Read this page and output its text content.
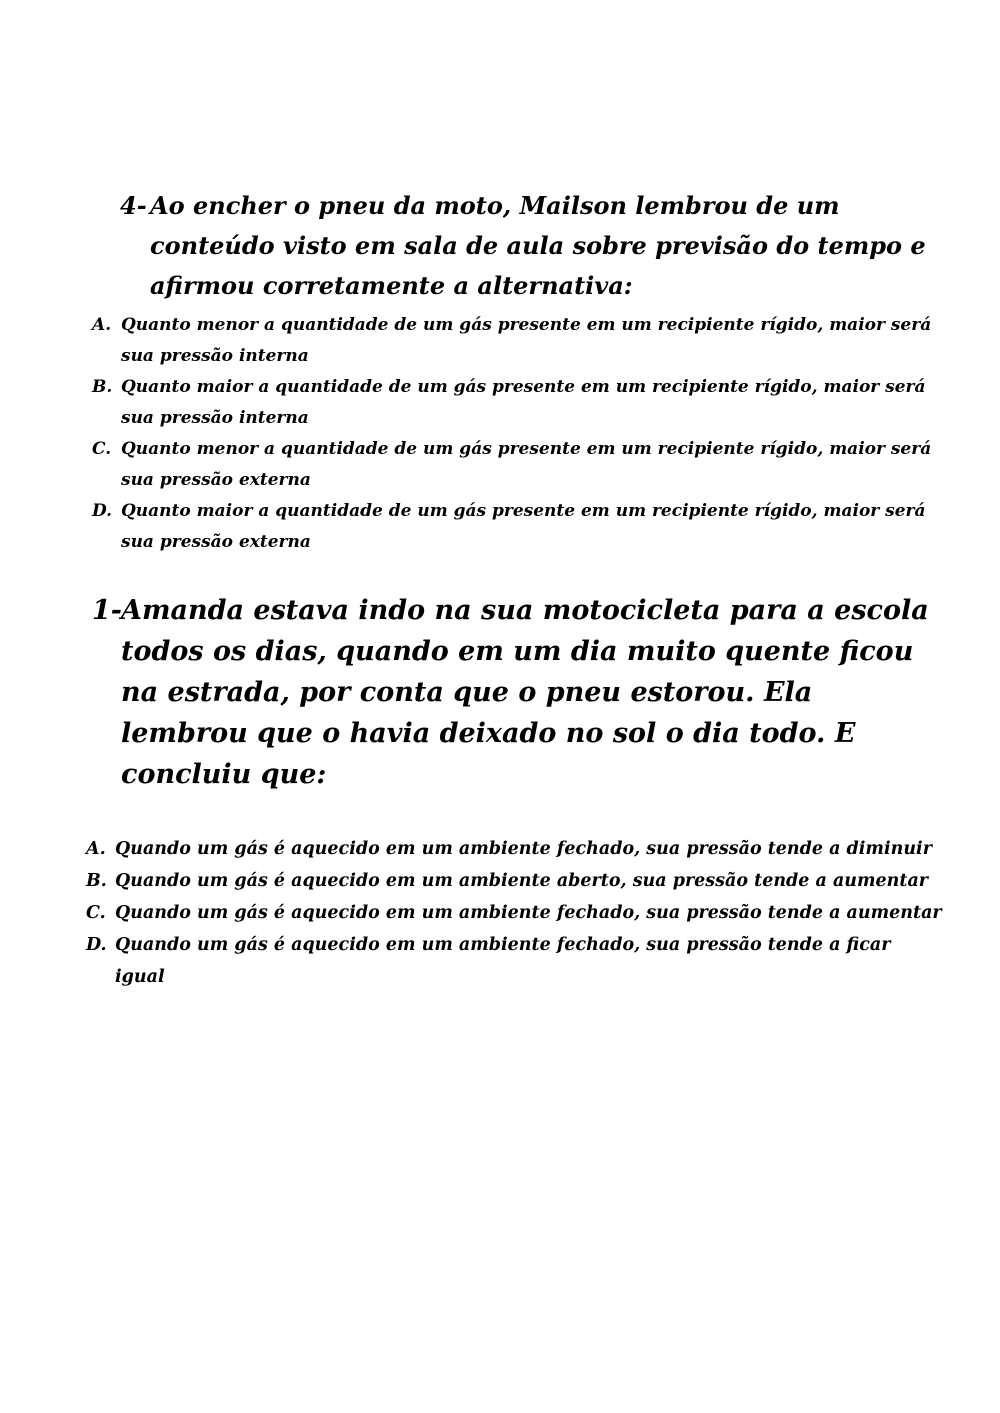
4- Ao encher o pneu da moto, Mailson lembrou de um conteúdo visto em sala de aula sobre previsão do tempo e afirmou corretamente a alternativa:
A. Quanto menor a quantidade de um gás presente em um recipiente rígido, maior será sua pressão interna
B. Quanto maior a quantidade de um gás presente em um recipiente rígido, maior será sua pressão interna
C. Quanto menor a quantidade de um gás presente em um recipiente rígido, maior será sua pressão externa
D. Quanto maior a quantidade de um gás presente em um recipiente rígido, maior será sua pressão externa
1- Amanda estava indo na sua motocicleta para a escola todos os dias, quando em um dia muito quente ficou na estrada, por conta que o pneu estorou. Ela lembrou que o havia deixado no sol o dia todo. E concluiu que:
A. Quando um gás é aquecido em um ambiente fechado, sua pressão tende a diminuir
B. Quando um gás é aquecido em um ambiente aberto, sua pressão tende a aumentar
C. Quando um gás é aquecido em um ambiente fechado, sua pressão tende a aumentar
D. Quando um gás é aquecido em um ambiente fechado, sua pressão tende a ficar igual
